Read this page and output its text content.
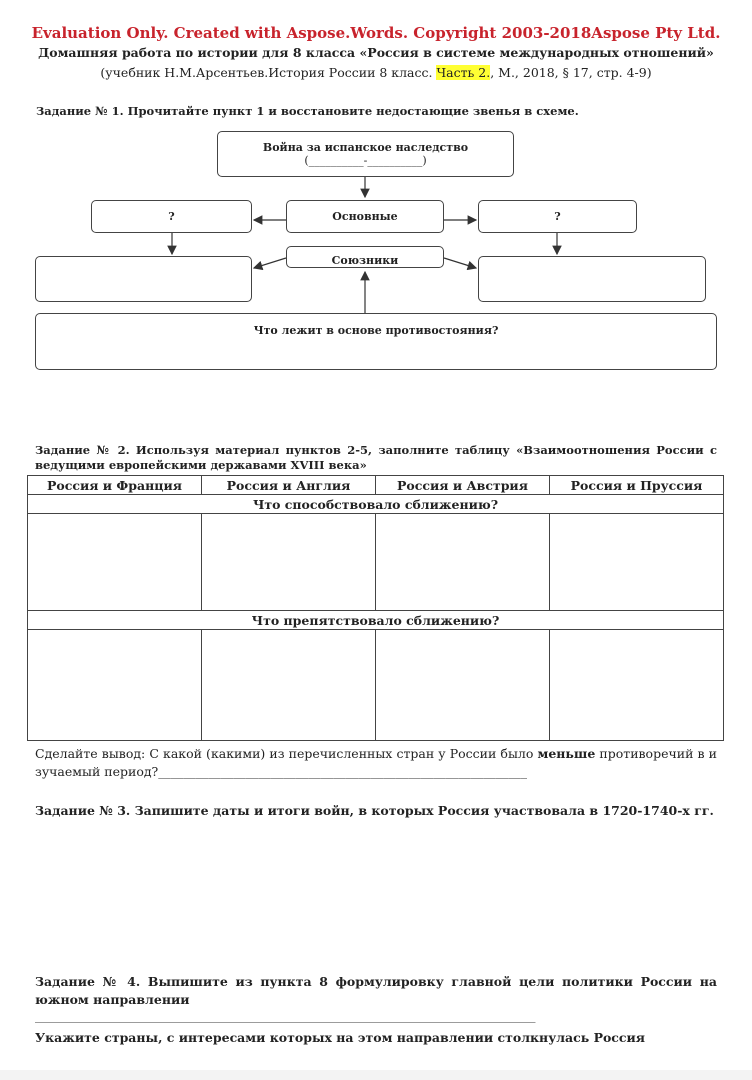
Evaluation Only. Created with Aspose.Words. Copyright 2003-2018Aspose Pty Ltd.
Домашняя работа по истории для 8 класса «Россия в системе международных отношений»
(учебник Н.М.Арсентьев.История России 8 класс. Часть 2., М., 2018, § 17, стр. 4-9)
Задание № 1. Прочитайте пункт 1 и восстановите недостающие звенья в схеме.
Война за испанское наследство
(__________-__________)
?	Основные	?
Союзники
Что лежит в основе противостояния?
Задание № 2. Используя материал пунктов 2-5, заполните таблицу «Взаимоотношения России с ведущими европейскими державами XVIII века»
Россия и Франция	Россия и Англия	Россия и Австрия	Россия и Пруссия
Что способствовало сближению?			

Что препятствовало сближению?			

Сделайте вывод: С какой (какими) из перечисленных стран у России было меньше противоречий в изучаемый период?___________________________________________________________
Задание № 3. Запишите даты и итоги войн, в которых Россия участвовала в 1720-1740-х гг.
Задание № 4. Выпишите из пункта 8 формулировку главной цели политики России на южном направлении
___________________________________________________________________________________________
Укажите страны, с интересами которых на этом направлении столкнулась Россия
